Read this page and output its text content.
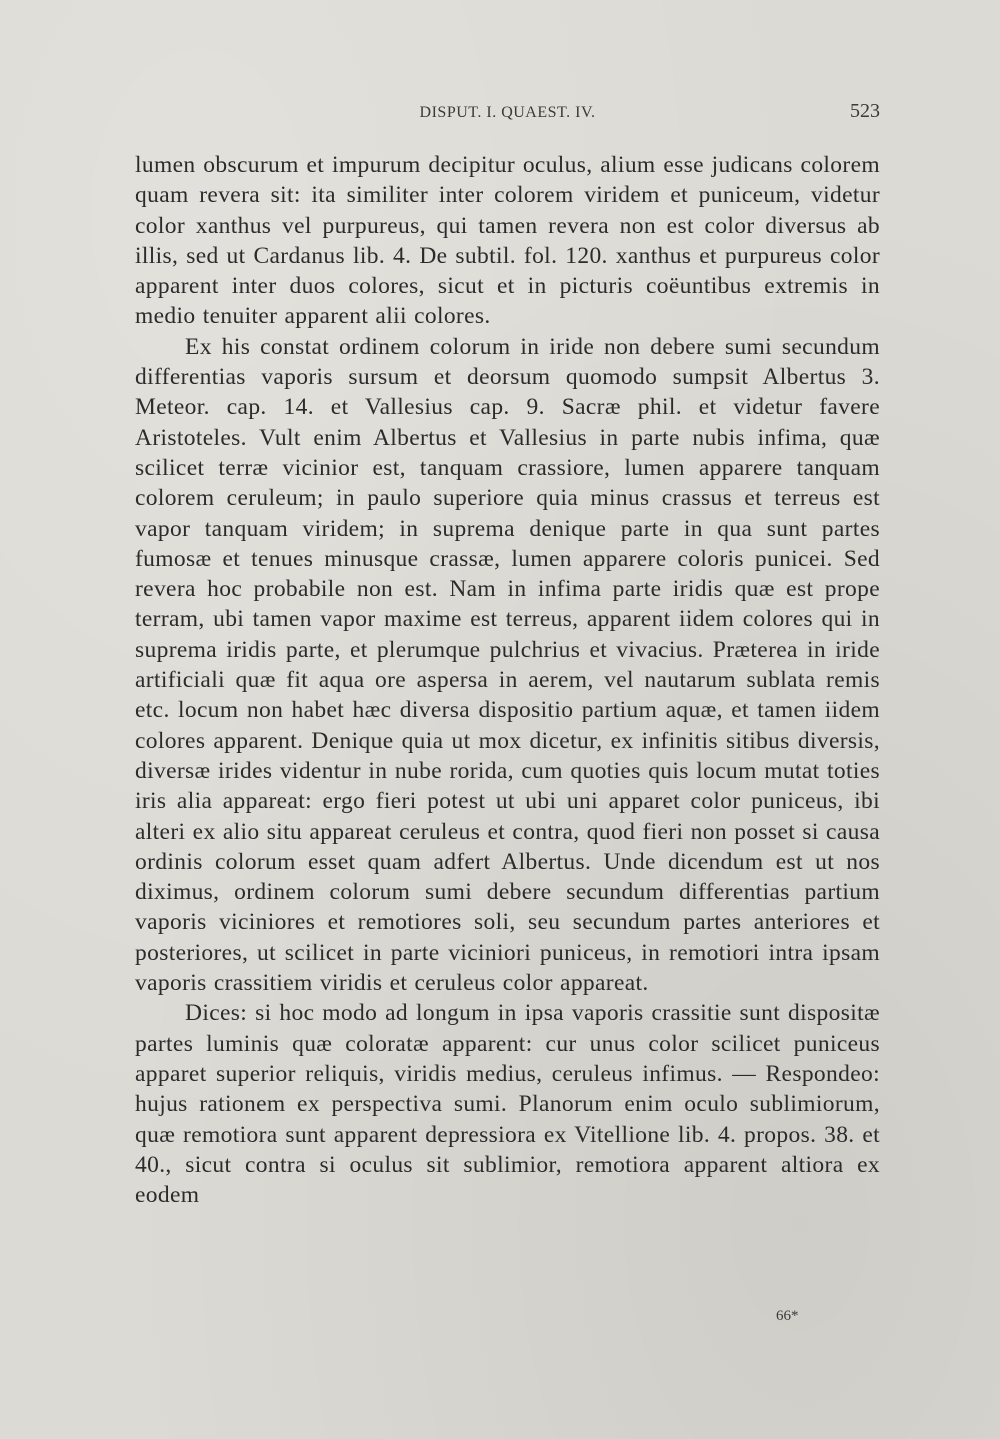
DISPUT. I. QUAEST. IV.	523

lumen obscurum et impurum decipitur oculus, alium esse judicans colorem quam revera sit: ita similiter inter colorem viridem et puniceum, videtur color xanthus vel purpureus, qui tamen revera non est color diversus ab illis, sed ut Cardanus lib. 4. De subtil. fol. 120. xanthus et purpureus color apparent inter duos colores, sicut et in picturis coëuntibus extremis in medio tenuiter apparent alii colores.

Ex his constat ordinem colorum in iride non debere sumi secundum differentias vaporis sursum et deorsum quomodo sumpsit Albertus 3. Meteor. cap. 14. et Vallesius cap. 9. Sacræ phil. et videtur favere Aristoteles. Vult enim Albertus et Vallesius in parte nubis infima, quæ scilicet terræ vicinior est, tanquam crassiore, lumen apparere tanquam colorem ceruleum; in paulo superiore quia minus crassus et terreus est vapor tanquam viridem; in suprema denique parte in qua sunt partes fumosæ et tenues minusque crassæ, lumen apparere coloris punicei. Sed revera hoc probabile non est. Nam in infima parte iridis quæ est prope terram, ubi tamen vapor maxime est terreus, apparent iidem colores qui in suprema iridis parte, et plerumque pulchrius et vivacius. Præterea in iride artificiali quæ fit aqua ore aspersa in aerem, vel nautarum sublata remis etc. locum non habet hæc diversa dispositio partium aquæ, et tamen iidem colores apparent. Denique quia ut mox dicetur, ex infinitis sitibus diversis, diversæ irides videntur in nube rorida, cum quoties quis locum mutat toties iris alia appareat: ergo fieri potest ut ubi uni apparet color puniceus, ibi alteri ex alio situ appareat ceruleus et contra, quod fieri non posset si causa ordinis colorum esset quam adfert Albertus. Unde dicendum est ut nos diximus, ordinem colorum sumi debere secundum differentias partium vaporis viciniores et remotiores soli, seu secundum partes anteriores et posteriores, ut scilicet in parte viciniori puniceus, in remotiori intra ipsam vaporis crassitiem viridis et ceruleus color appareat.

Dices: si hoc modo ad longum in ipsa vaporis crassitie sunt dispositæ partes luminis quæ coloratæ apparent: cur unus color scilicet puniceus apparet superior reliquis, viridis medius, ceruleus infimus. — Respondeo: hujus rationem ex perspectiva sumi. Planorum enim oculo sublimiorum, quæ remotiora sunt apparent depressiora ex Vitellione lib. 4. propos. 38. et 40., sicut contra si oculus sit sublimior, remotiora apparent altiora ex eodem

66*
